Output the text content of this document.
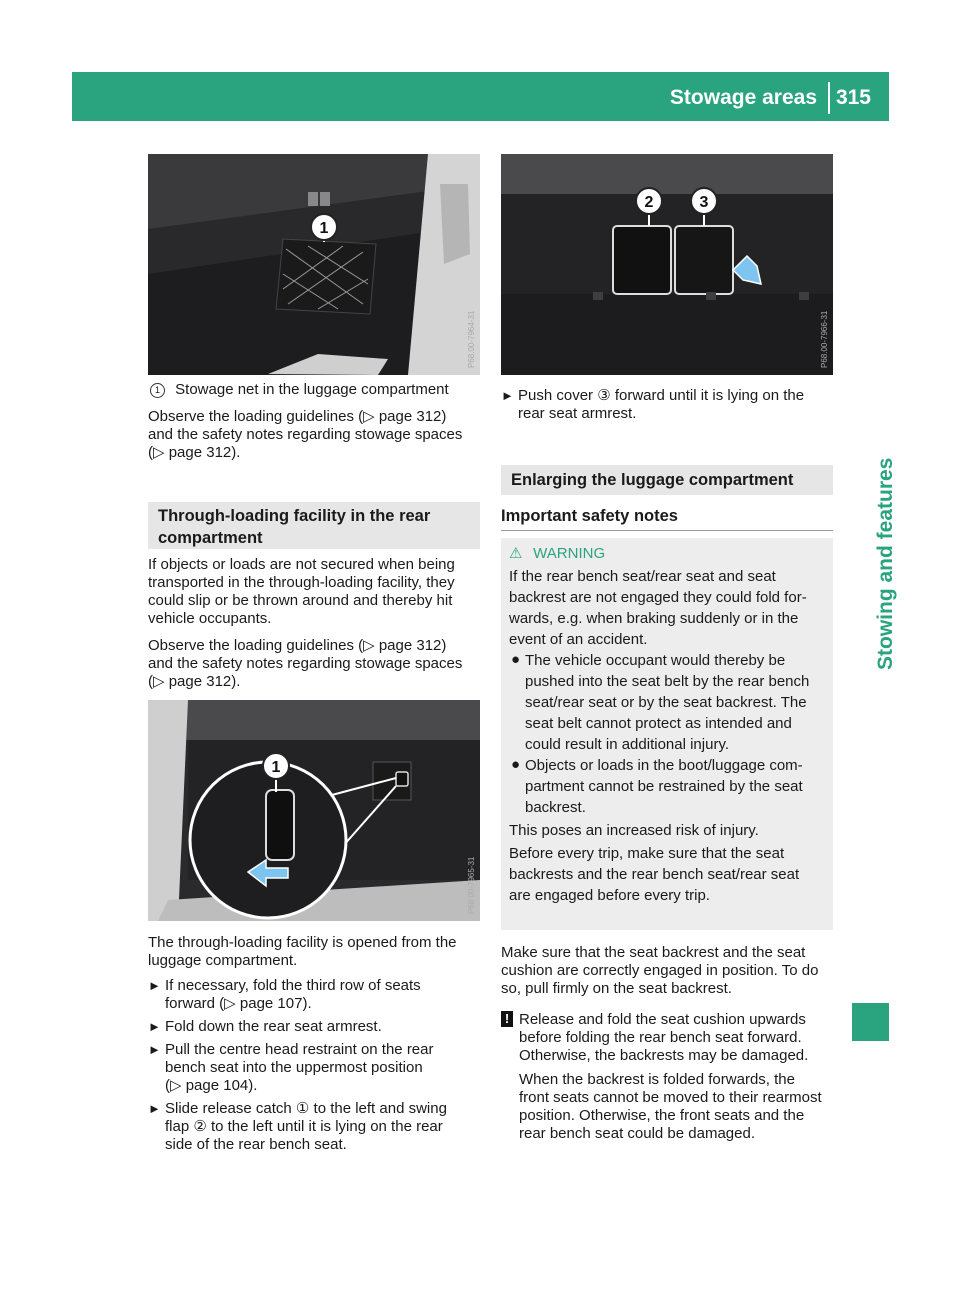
Stowage areas 315
Stowing and features
1
P68.00-7964-31
2	3
P68.00-7966-31
1
P68.00-7965-31
1 Stowage net in the luggage compartment

Observe the loading guidelines (▷ page 312)

and the safety notes regarding stowage spaces

(▷ page 312).

Through-loading facility in the rear
compartment

If objects or loads are not secured when being

transported in the through-loading facility, they

could slip or be thrown around and thereby hit

vehicle occupants.

Observe the loading guidelines (▷ page 312)

and the safety notes regarding stowage spaces

(▷ page 312).

The through-loading facility is opened from the

luggage compartment.

► If necessary, fold the third row of seats

forward (▷ page 107).

► Fold down the rear seat armrest.

► Pull the centre head restraint on the rear

bench seat into the uppermost position

(▷ page 104).

► Slide release catch ① to the left and swing

flap ② to the left until it is lying on the rear

side of the rear bench seat.

► Push cover ③ forward until it is lying on the

rear seat armrest.

Enlarging the luggage compartment
Important safety notes
⚠ WARNING

If the rear bench seat/rear seat and seat

backrest are not engaged they could fold for-

wards, e.g. when braking suddenly or in the

event of an accident.

● The vehicle occupant would thereby be

pushed into the seat belt by the rear bench

seat/rear seat or by the seat backrest. The

seat belt cannot protect as intended and

could result in additional injury.

● Objects or loads in the boot/luggage com-

partment cannot be restrained by the seat

backrest.

This poses an increased risk of injury.

Before every trip, make sure that the seat

backrests and the rear bench seat/rear seat

are engaged before every trip.

Make sure that the seat backrest and the seat

cushion are correctly engaged in position. To do

so, pull firmly on the seat backrest.

! Release and fold the seat cushion upwards

before folding the rear bench seat forward.

Otherwise, the backrests may be damaged.

When the backrest is folded forwards, the

front seats cannot be moved to their rearmost

position. Otherwise, the front seats and the

rear bench seat could be damaged.
